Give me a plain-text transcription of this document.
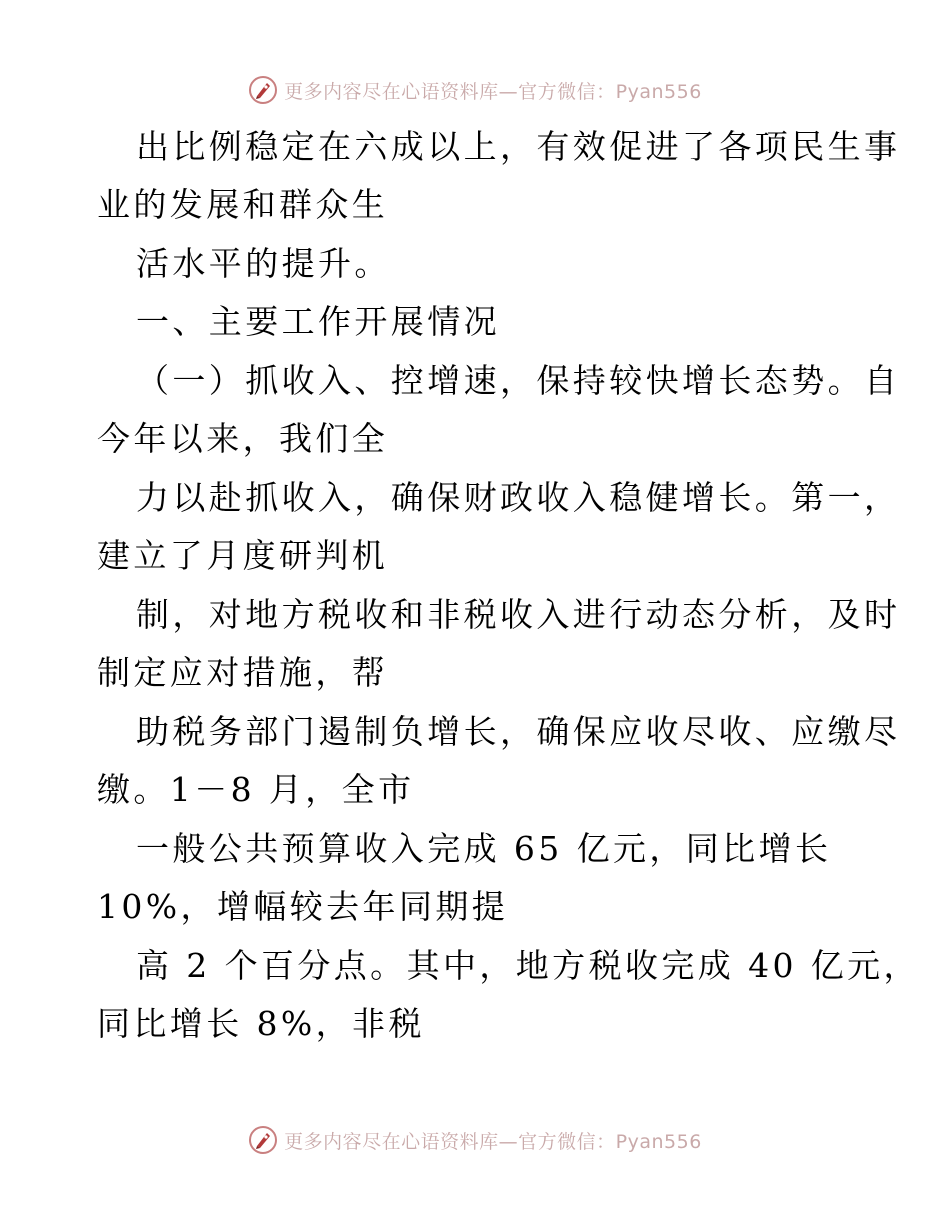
更多内容尽在心语资料库—官方微信：Pyan556
出比例稳定在六成以上，有效促进了各项民生事
业的发展和群众生
活水平的提升。
一、主要工作开展情况
（一）抓收入、控增速，保持较快增长态势。自
今年以来，我们全
力以赴抓收入，确保财政收入稳健增长。第一，
建立了月度研判机
制，对地方税收和非税收入进行动态分析，及时
制定应对措施，帮
助税务部门遏制负增长，确保应收尽收、应缴尽
缴。1－8 月，全市
一般公共预算收入完成 65 亿元，同比增长
10%，增幅较去年同期提
高 2 个百分点。其中，地方税收完成 40 亿元，
同比增长 8%，非税
更多内容尽在心语资料库—官方微信：Pyan556
